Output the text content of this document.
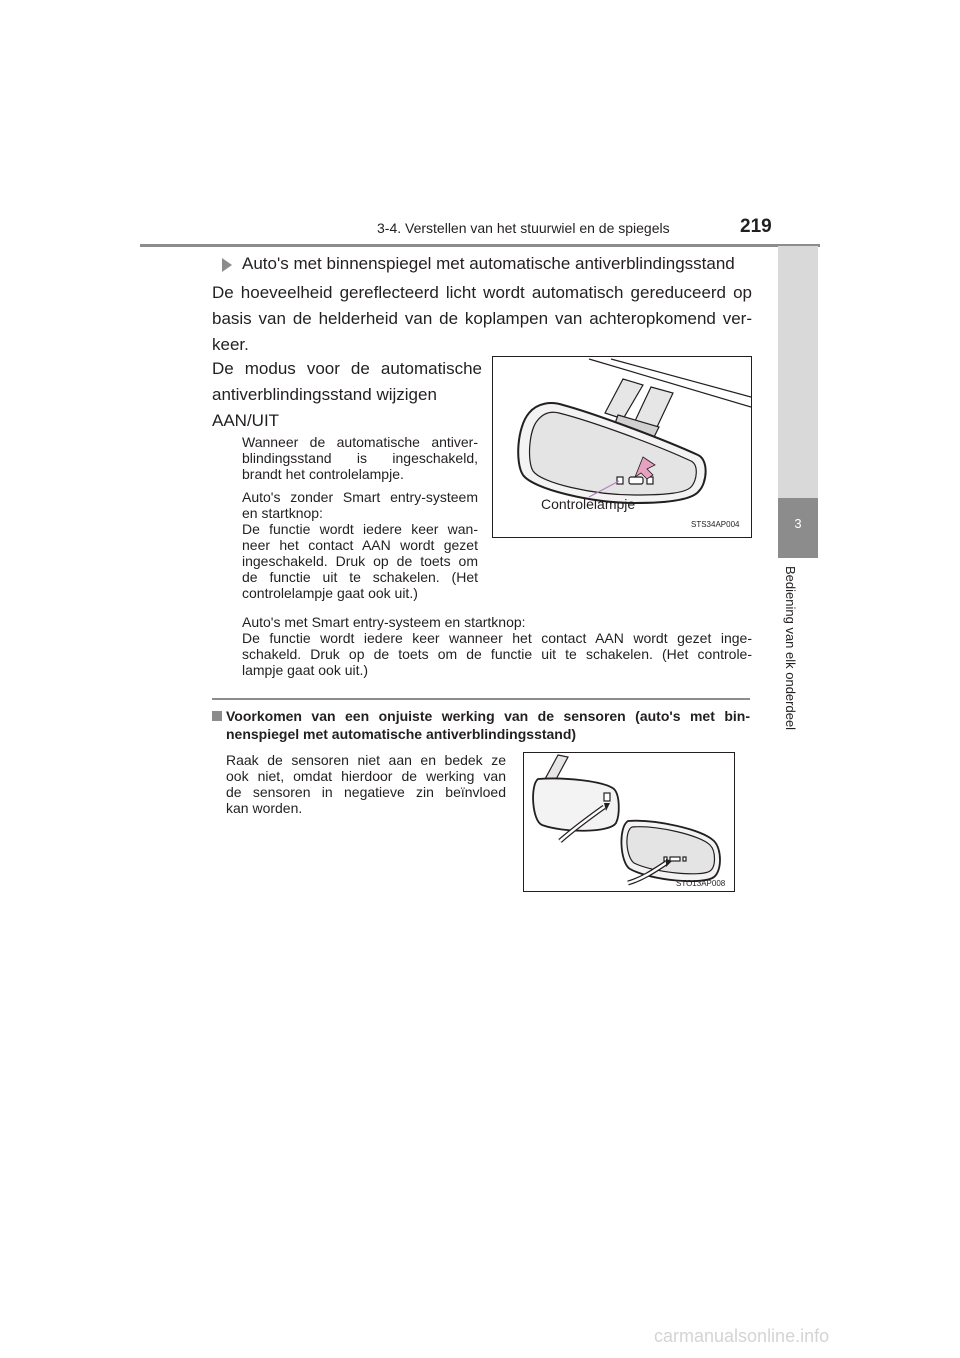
3-4. Verstellen van het stuurwiel en de spiegels	219
3
Bediening van elk onderdeel
Auto's met binnenspiegel met automatische antiverblindingsstand
De hoeveelheid gereflecteerd licht wordt automatisch gereduceerd op
basis van de helderheid van de koplampen van achteropkomend ver-
keer.
De modus voor de automatische
antiverblindingsstand wijzigen
AAN/UIT
Wanneer de automatische antiver-
blindingsstand is ingeschakeld,
brandt het controlelampje.
Auto's zonder Smart entry-systeem
en startknop:
De functie wordt iedere keer wan-
neer het contact AAN wordt gezet
ingeschakeld. Druk op de toets om
de functie uit te schakelen. (Het
controlelampje gaat ook uit.)
Auto's met Smart entry-systeem en startknop:
De functie wordt iedere keer wanneer het contact AAN wordt gezet inge-
schakeld. Druk op de toets om de functie uit te schakelen. (Het controle-
lampje gaat ook uit.)
Controlelampje
STS34AP004
Voorkomen van een onjuiste werking van de sensoren (auto's met bin-
nenspiegel met automatische antiverblindingsstand)
Raak de sensoren niet aan en bedek ze
ook niet, omdat hierdoor de werking van
de sensoren in negatieve zin beïnvloed
kan worden.
STO13AP008
carmanualsonline.info
